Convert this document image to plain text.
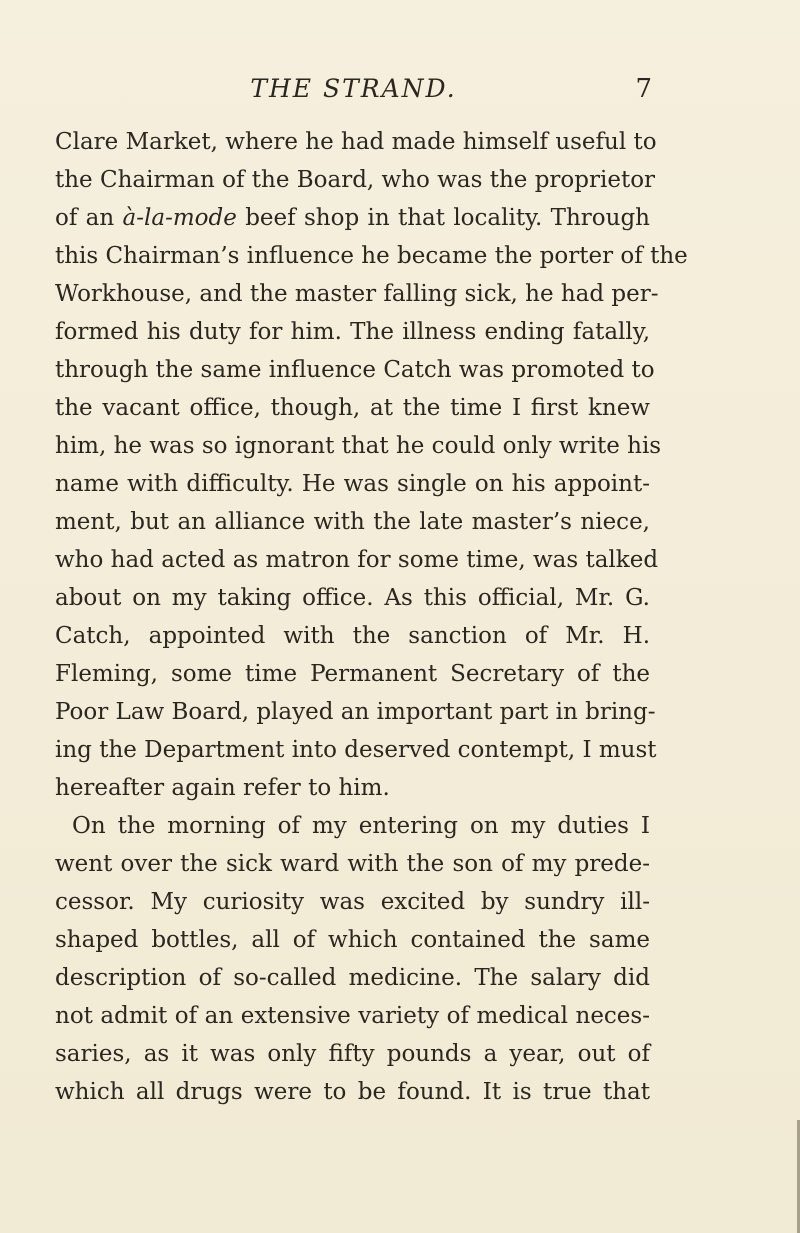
THE STRAND.	7
Clare Market, where he had made himself useful to
the Chairman of the Board, who was the proprietor
of an à-la-mode beef shop in that locality. Through
this Chairman’s influence he became the porter of the
Workhouse, and the master falling sick, he had per-
formed his duty for him. The illness ending fatally,
through the same influence Catch was promoted to
the vacant office, though, at the time I first knew
him, he was so ignorant that he could only write his
name with difficulty. He was single on his appoint-
ment, but an alliance with the late master’s niece,
who had acted as matron for some time, was talked
about on my taking office. As this official, Mr. G.
Catch, appointed with the sanction of Mr. H.
Fleming, some time Permanent Secretary of the
Poor Law Board, played an important part in bring-
ing the Department into deserved contempt, I must
hereafter again refer to him.
On the morning of my entering on my duties I
went over the sick ward with the son of my prede-
cessor. My curiosity was excited by sundry ill-
shaped bottles, all of which contained the same
description of so-called medicine. The salary did
not admit of an extensive variety of medical neces-
saries, as it was only fifty pounds a year, out of
which all drugs were to be found. It is true that
